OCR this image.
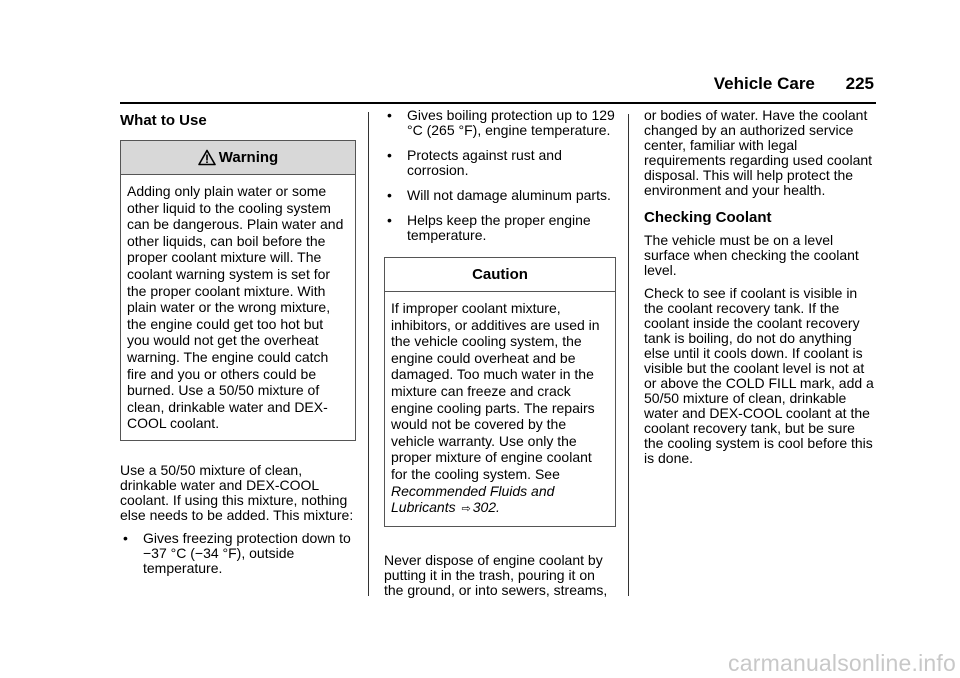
Vehicle Care 225
What to Use
Warning
Adding only plain water or some other liquid to the cooling system can be dangerous. Plain water and other liquids, can boil before the proper coolant mixture will. The coolant warning system is set for the proper coolant mixture. With plain water or the wrong mixture, the engine could get too hot but you would not get the overheat warning. The engine could catch fire and you or others could be burned. Use a 50/50 mixture of clean, drinkable water and DEX-COOL coolant.

Use a 50/50 mixture of clean, drinkable water and DEX-COOL coolant. If using this mixture, nothing else needs to be added. This mixture:

• Gives freezing protection down to −37 °C (−34 °F), outside temperature.
• Gives boiling protection up to 129 °C (265 °F), engine temperature.
• Protects against rust and corrosion.
• Will not damage aluminum parts.
• Helps keep the proper engine temperature.
Caution
If improper coolant mixture, inhibitors, or additives are used in the vehicle cooling system, the engine could overheat and be damaged. Too much water in the mixture can freeze and crack engine cooling parts. The repairs would not be covered by the vehicle warranty. Use only the proper mixture of engine coolant for the cooling system. See Recommended Fluids and Lubricants ⇨ 302.

Never dispose of engine coolant by putting it in the trash, pouring it on the ground, or into sewers, streams,

or bodies of water. Have the coolant changed by an authorized service center, familiar with legal requirements regarding used coolant disposal. This will help protect the environment and your health.

Checking Coolant

The vehicle must be on a level surface when checking the coolant level.

Check to see if coolant is visible in the coolant recovery tank. If the coolant inside the coolant recovery tank is boiling, do not do anything else until it cools down. If coolant is visible but the coolant level is not at or above the COLD FILL mark, add a 50/50 mixture of clean, drinkable water and DEX-COOL coolant at the coolant recovery tank, but be sure the cooling system is cool before this is done.

carmanualsonline.info
